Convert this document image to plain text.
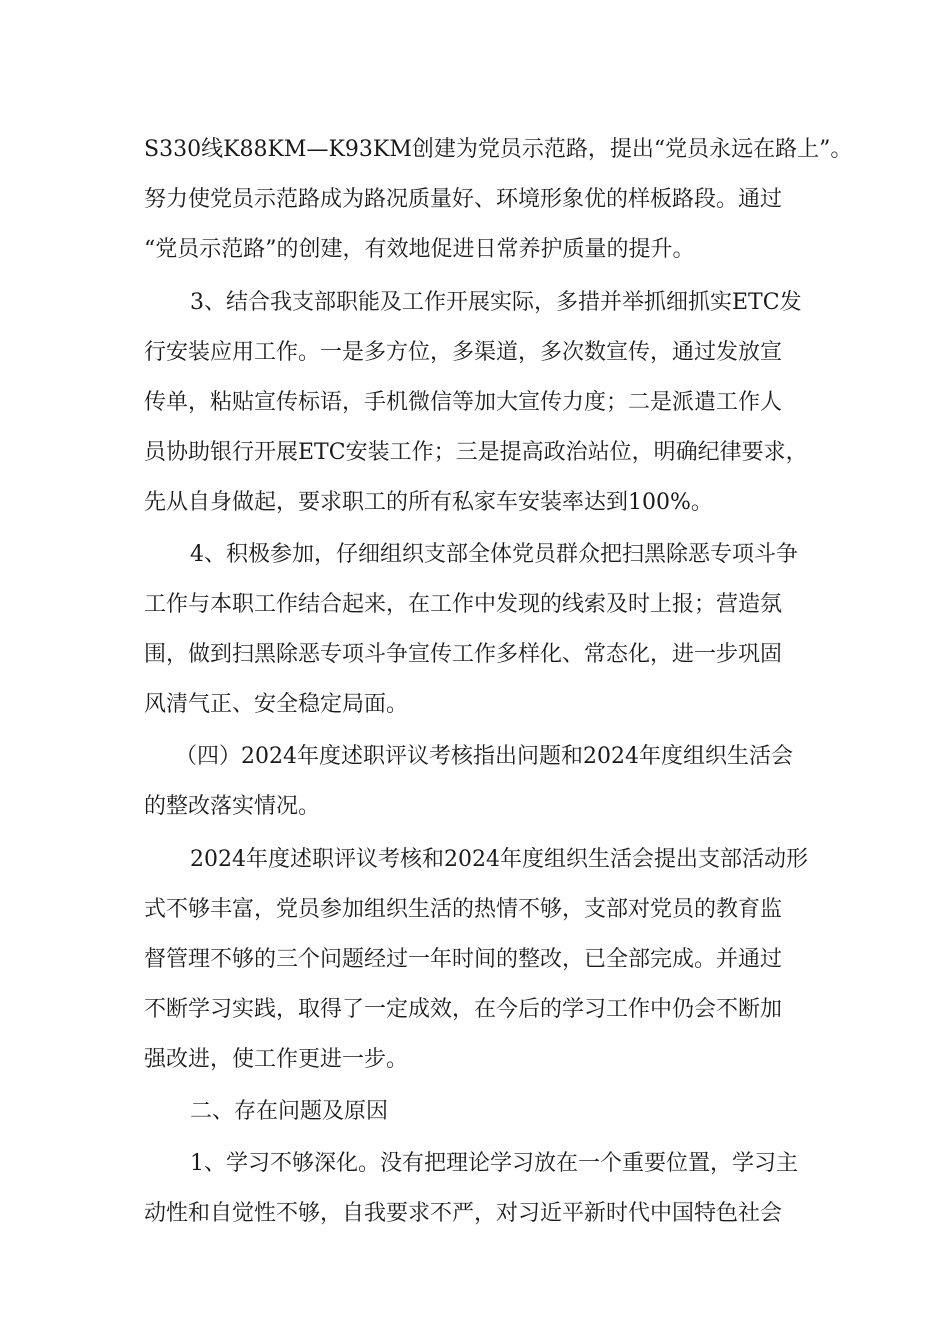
S330线K88KM—K93KM创建为党员示范路，提出“党员永远在路上”。

努力使党员示范路成为路况质量好、环境形象优的样板路段。通过

“党员示范路”的创建，有效地促进日常养护质量的提升。

3、结合我支部职能及工作开展实际，多措并举抓细抓实ETC发

行安装应用工作。一是多方位，多渠道，多次数宣传，通过发放宣

传单，粘贴宣传标语，手机微信等加大宣传力度；二是派遣工作人

员协助银行开展ETC安装工作；三是提高政治站位，明确纪律要求，

先从自身做起，要求职工的所有私家车安装率达到100%。

4、积极参加，仔细组织支部全体党员群众把扫黑除恶专项斗争

工作与本职工作结合起来，在工作中发现的线索及时上报；营造氛

围，做到扫黑除恶专项斗争宣传工作多样化、常态化，进一步巩固

风清气正、安全稳定局面。

（四）2024年度述职评议考核指出问题和2024年度组织生活会

的整改落实情况。

2024年度述职评议考核和2024年度组织生活会提出支部活动形

式不够丰富，党员参加组织生活的热情不够，支部对党员的教育监

督管理不够的三个问题经过一年时间的整改，已全部完成。并通过

不断学习实践，取得了一定成效，在今后的学习工作中仍会不断加

强改进，使工作更进一步。

二、存在问题及原因

1、学习不够深化。没有把理论学习放在一个重要位置，学习主

动性和自觉性不够，自我要求不严，对习近平新时代中国特色社会
